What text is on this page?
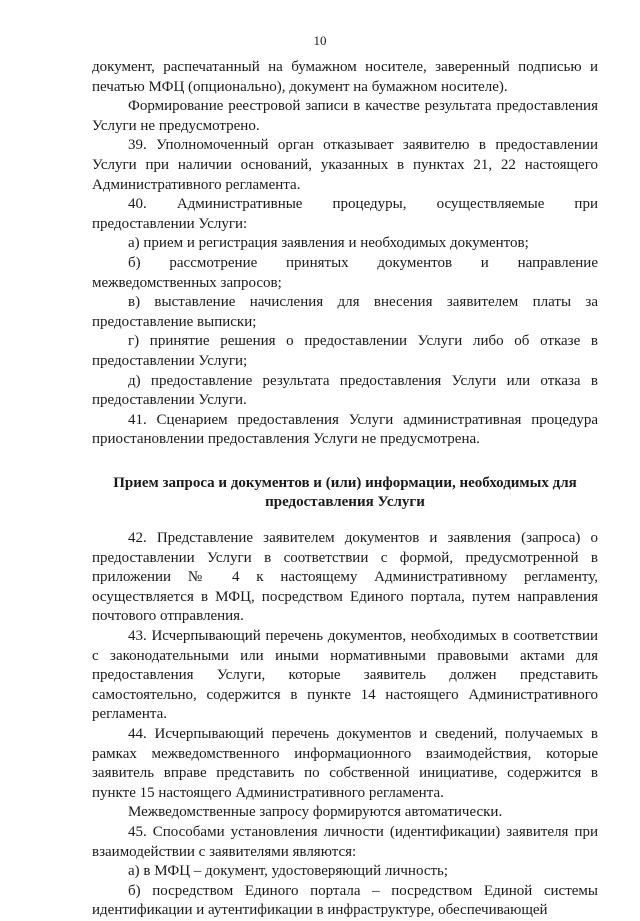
10

документ, распечатанный на бумажном носителе, заверенный подписью и печатью МФЦ (опционально), документ на бумажном носителе).

Формирование реестровой записи в качестве результата предоставления Услуги не предусмотрено.

39. Уполномоченный орган отказывает заявителю в предоставлении Услуги при наличии оснований, указанных в пунктах 21, 22 настоящего Административного регламента.

40. Административные процедуры, осуществляемые при предоставлении Услуги:

а) прием и регистрация заявления и необходимых документов;

б) рассмотрение принятых документов и направление межведомственных запросов;

в) выставление начисления для внесения заявителем платы за предоставление выписки;

г) принятие решения о предоставлении Услуги либо об отказе в предоставлении Услуги;

д) предоставление результата предоставления Услуги или отказа в предоставлении Услуги.

41. Сценарием предоставления Услуги административная процедура приостановлении предоставления Услуги не предусмотрена.

Прием запроса и документов и (или) информации, необходимых для предоставления Услуги

42. Представление заявителем документов и заявления (запроса) о предоставлении Услуги в соответствии с формой, предусмотренной в приложении № 4 к настоящему Административному регламенту, осуществляется в МФЦ, посредством Единого портала, путем направления почтового отправления.

43. Исчерпывающий перечень документов, необходимых в соответствии с законодательными или иными нормативными правовыми актами для предоставления Услуги, которые заявитель должен представить самостоятельно, содержится в пункте 14 настоящего Административного регламента.

44. Исчерпывающий перечень документов и сведений, получаемых в рамках межведомственного информационного взаимодействия, которые заявитель вправе представить по собственной инициативе, содержится в пункте 15 настоящего Административного регламента.

Межведомственные запросу формируются автоматически.

45. Способами установления личности (идентификации) заявителя при взаимодействии с заявителями являются:

а) в МФЦ – документ, удостоверяющий личность;

б) посредством Единого портала – посредством Единой системы идентификации и аутентификации в инфраструктуре, обеспечивающей
